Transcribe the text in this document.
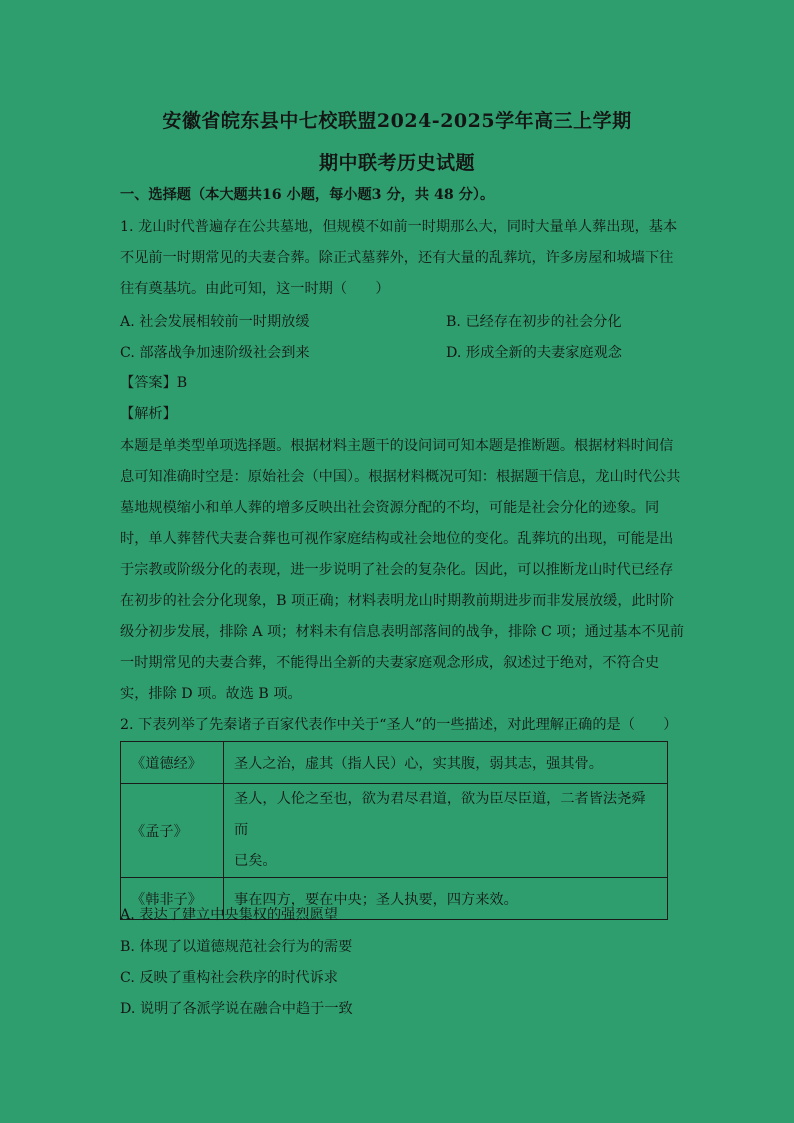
安徽省皖东县中七校联盟2024-2025学年高三上学期
期中联考历史试题
一、选择题（本大题共16 小题，每小题3 分，共 48 分）。
1. 龙山时代普遍存在公共墓地，但规模不如前一时期那么大，同时大量单人葬出现，基本
不见前一时期常见的夫妻合葬。除正式墓葬外，还有大量的乱葬坑，许多房屋和城墙下往
往有奠基坑。由此可知，这一时期（　　）
A. 社会发展相较前一时期放缓	B. 已经存在初步的社会分化
C. 部落战争加速阶级社会到来	D. 形成全新的夫妻家庭观念
【答案】B
【解析】
本题是单类型单项选择题。根据材料主题干的设问词可知本题是推断题。根据材料时间信
息可知准确时空是：原始社会（中国）。根据材料概况可知：根据题干信息，龙山时代公共
墓地规模缩小和单人葬的增多反映出社会资源分配的不均，可能是社会分化的迹象。同
时，单人葬替代夫妻合葬也可视作家庭结构或社会地位的变化。乱葬坑的出现，可能是出
于宗教或阶级分化的表现，进一步说明了社会的复杂化。因此，可以推断龙山时代已经存
在初步的社会分化现象，B 项正确；材料表明龙山时期教前期进步而非发展放缓，此时阶
级分初步发展，排除 A 项；材料未有信息表明部落间的战争，排除 C 项；通过基本不见前
一时期常见的夫妻合葬，不能得出全新的夫妻家庭观念形成，叙述过于绝对，不符合史
实，排除 D 项。故选 B 项。
2. 下表列举了先秦诸子百家代表作中关于“圣人”的一些描述，对此理解正确的是（　　）
《道德经》	圣人之治，虚其（指人民）心，实其腹，弱其志，强其骨。
《孟子》	圣人，人伦之至也，欲为君尽君道，欲为臣尽臣道，二者皆法尧舜而
已矣。
《韩非子》	事在四方，要在中央；圣人执要，四方来效。
A. 表达了建立中央集权的强烈愿望
B. 体现了以道德规范社会行为的需要
C. 反映了重构社会秩序的时代诉求
D. 说明了各派学说在融合中趋于一致
